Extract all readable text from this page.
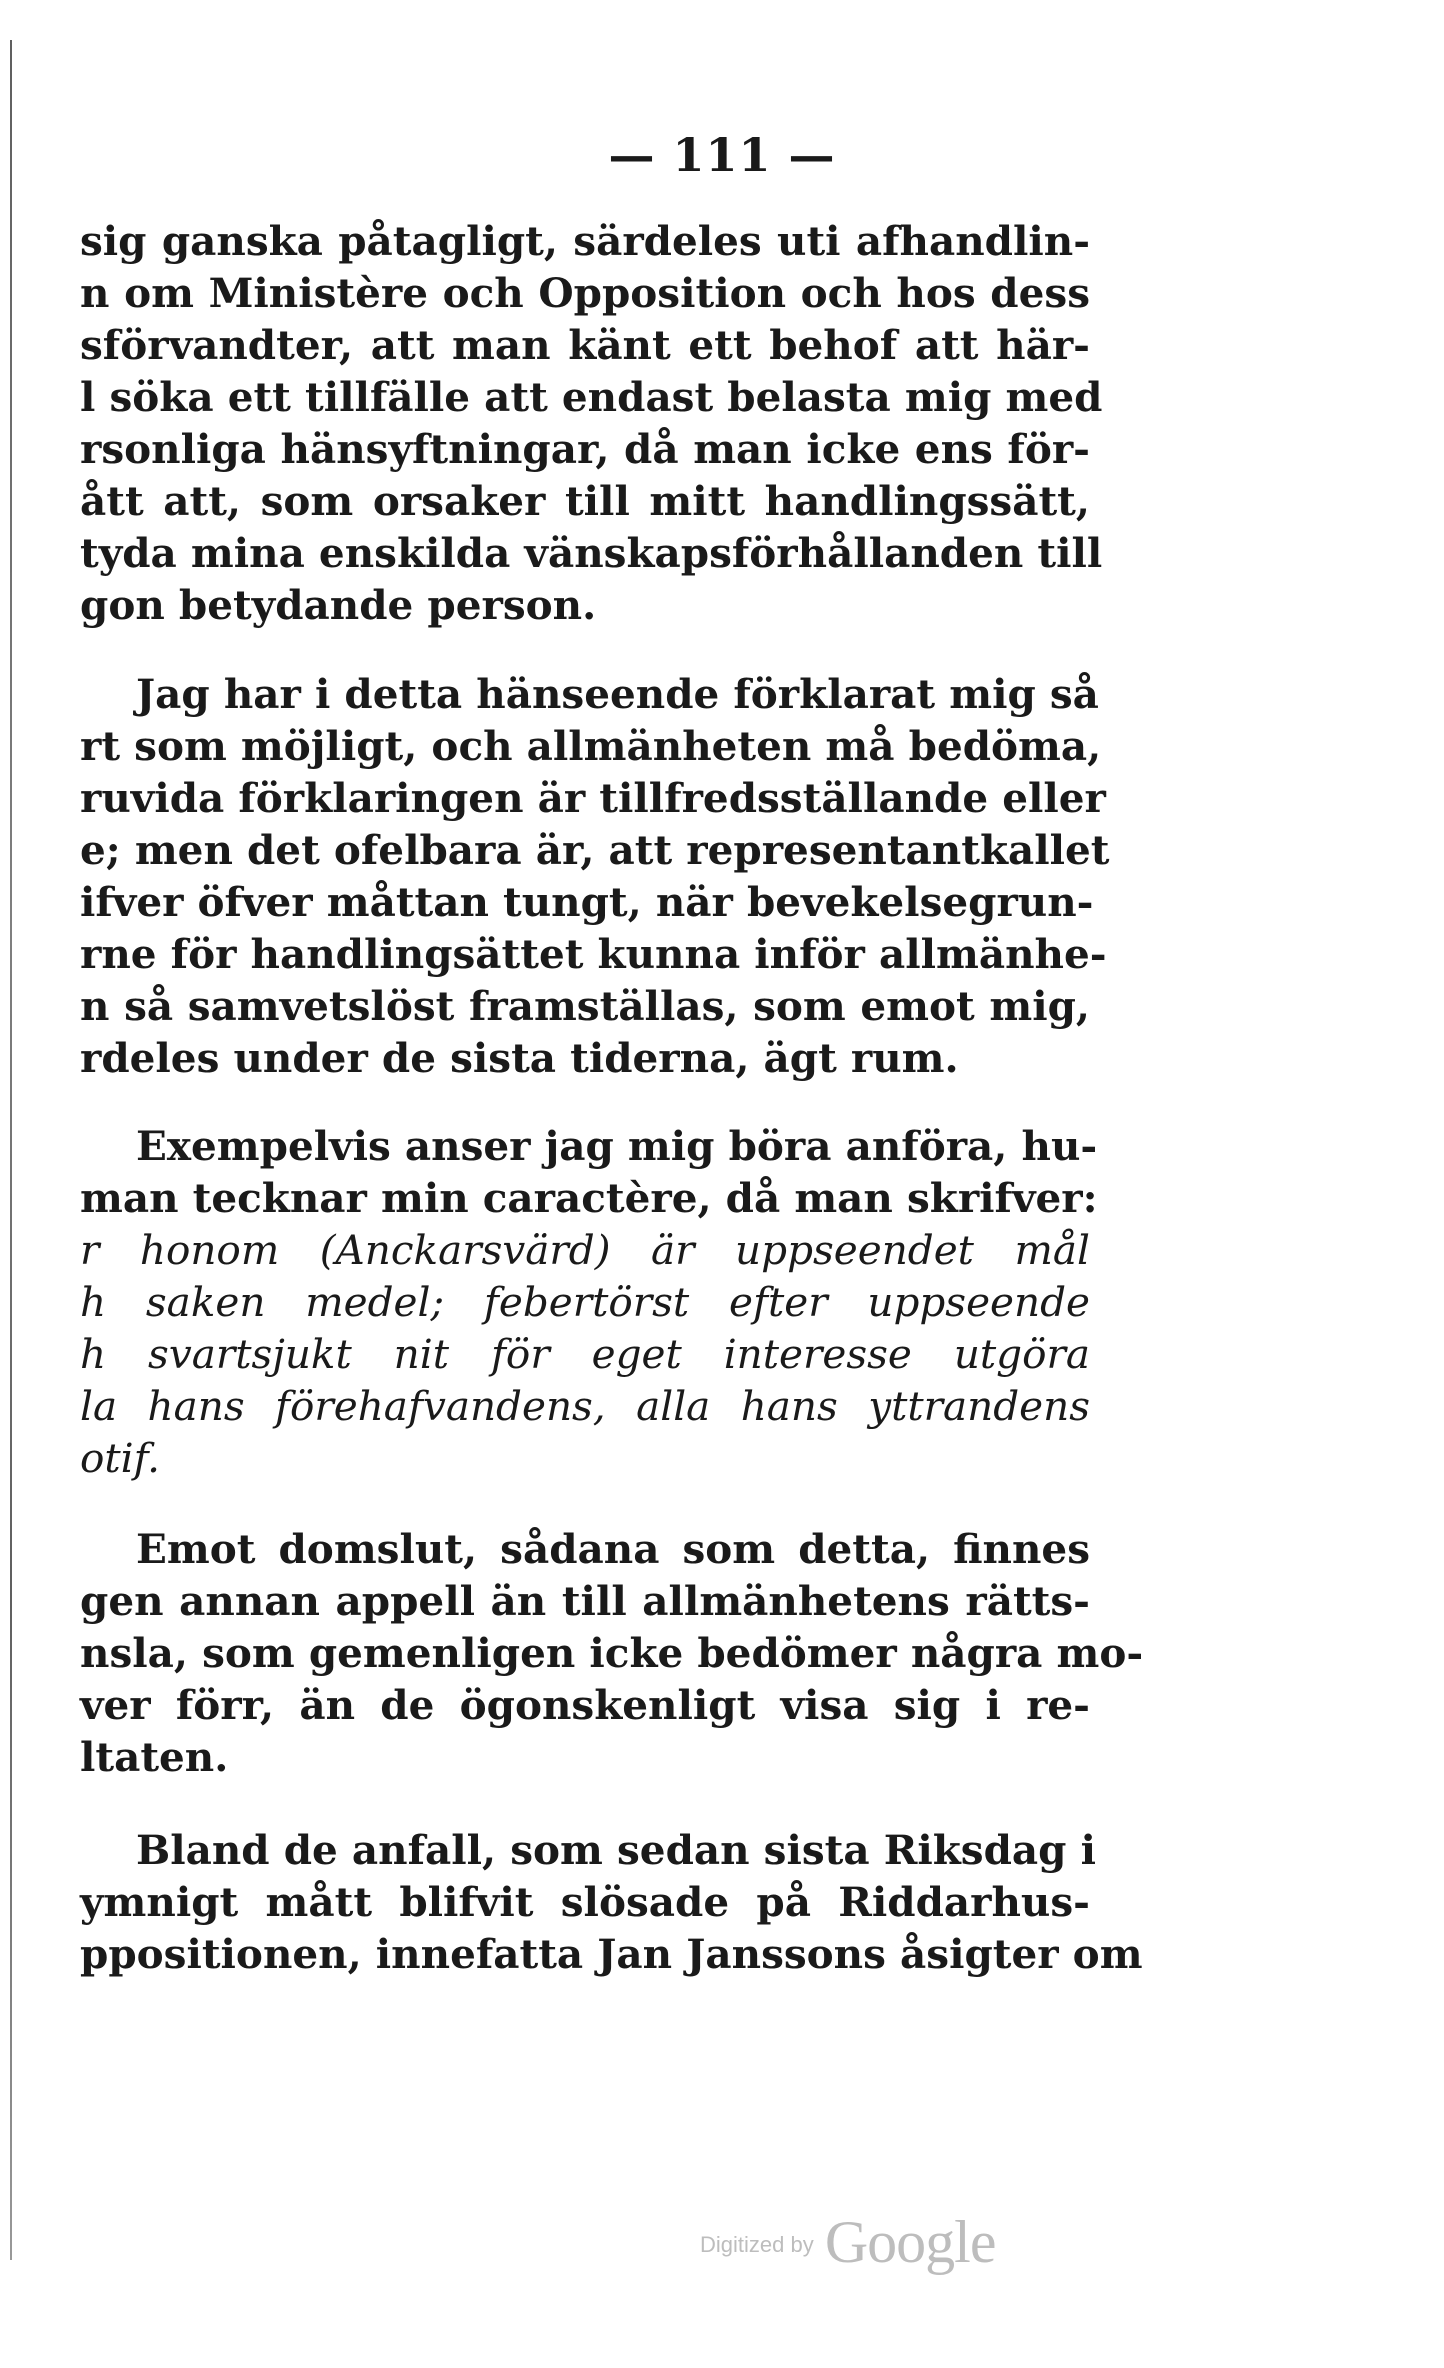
— 111 —
sig ganska påtagligt, särdeles uti afhandlin-
n om Ministère och Opposition och hos dess
sförvandter, att man känt ett behof att här-
l söka ett tillfälle att endast belasta mig med
rsonliga hänsyftningar, då man icke ens för-
ått att, som orsaker till mitt handlingssätt,
tyda mina enskilda vänskapsförhållanden till
gon betydande person.
Jag har i detta hänseende förklarat mig så
rt som möjligt, och allmänheten må bedöma,
ruvida förklaringen är tillfredsställande eller
e; men det ofelbara är, att representantkallet
ifver öfver måttan tungt, när bevekelsegrun-
rne för handlingsättet kunna inför allmänhe-
n så samvetslöst framställas, som emot mig,
rdeles under de sista tiderna, ägt rum.
Exempelvis anser jag mig böra anföra, hu-
man tecknar min caractère, då man skrifver:
r honom (Anckarsvärd) är uppseendet mål
h saken medel; febertörst efter uppseende
h svartsjukt nit för eget interesse utgöra
la hans förehafvandens, alla hans yttrandens
otif.
Emot domslut, sådana som detta, finnes
gen annan appell än till allmänhetens rätts-
nsla, som gemenligen icke bedömer några mo-
ver förr, än de ögonskenligt visa sig i re-
ltaten.
Bland de anfall, som sedan sista Riksdag i
ymnigt mått blifvit slösade på Riddarhus-
ppositionen, innefatta Jan Janssons åsigter om
Digitized by Google
